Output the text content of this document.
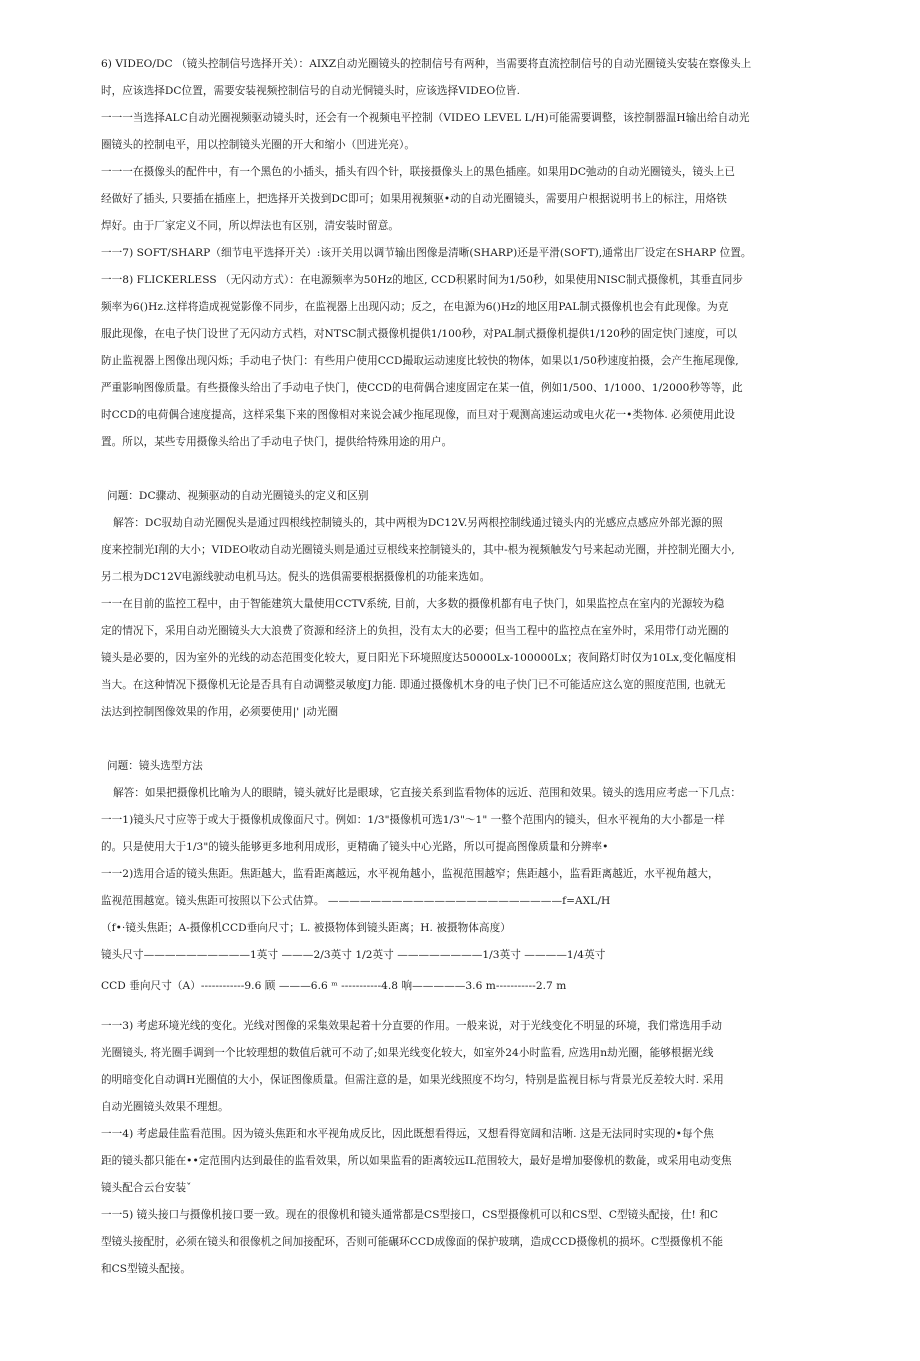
6) VIDEO/DC （镜头控制信号选择开关）：AIXZ自动光圈镜头的控制信号有两种，当需要将直流控制信号的自动光圈镜头安装在察像头上
时，应该选择DC位置，需要安装视频控制信号的自动光恫镜头时，应该选择VIDEO位皆.
一一一当选择ALC自动光圈视频驱动镜头时，还会有一个视频电平控制（VIDEO LEVEL L/H)可能需要调整，该控制器温H输出给自动光
圈镜头的控制电平，用以控制镜头光圈的开大和缩小（凹进光亮）。
一一一在摄像头的配件中，有一个黑色的小插头，插头有四个针，联接摄像头上的黑色插座。如果用DC弛动的自动光圈镜头，镜头上已
经做好了插头, 只要插在插座上，把选择开关拨到DC即可；如果用视频驱•动的自动光圈镜头，需要用户根据说明书上的标注，用烙铁
焊好。由于厂家定义不同，所以焊法也有区别，清安装时留意。
一一7) SOFT/SHARP（细节电平选择开关）:该开关用以调节输出图像是清晰(SHARP)还是平滑(SOFT),通常出厂设定在SHARP 位置。
一一8) FLICKERLESS （无闪动方式）：在电源频率为50Hz的地区, CCD积累时间为1/50秒，如果使用NISC制式摄像机，其垂直同步
频率为6()Hz.这样将造成视觉影像不同步，在监视器上出现闪动；反之，在电源为6()Hz的地区用PAL制式摄像机也会有此现像。为克
服此现像，在电子快门设世了无闪动方式档，对NTSC制式摄像机提供1/100秒，对PAL制式摄像机提供1/120秒的固定快门速度，可以
防止监视器上图像出现闪烁；手动电子快门：有些用户使用CCD撮取运动速度比较快的物体，如果以1/50秒速度拍摄，会产生拖尾现像,
严重影响图像质量。有些摄像头给出了手动电子快门，使CCD的电荷偶合速度固定在某一值，例如1/500、1/1000、1/2000秒等等，此
时CCD的电荷偶合速度提高，这样采集下来的图像相对来说会减少拖尾现像，而旦对于观测高速运动或电火花一•类物体. 必须使用此设
置。所以，某些专用摄像头给出了手动电子快门，提供给特殊用途的用户。
问题：DC骤动、视频驱动的自动光圈镜头的定义和区别
解答：DC驭劫自动光圈倪头是通过四根线控制镜头的，其中两根为DC12V.另两根控制线通过镜头内的光感应点感应外部光源的照
度来控制光I削的大小；VIDEO收动自动光圈镜头则是通过豆根线来控制镜头的，其中-根为视频触发勺号来起动光圈，并控制光圈大小,
另二根为DC12V电源线驶动电机马达。倪头的选俱需要根据摄像机的功能来选如。
一一在目前的监控工程中，由于智能建筑大量使用CCTV系统, 目前，大多数的摄像机都有电子快门，如果监控点在室内的光源较为稳
定的情况下，采用自动光圈镜头大大浪费了资源和经济上的负担，没有太大的必要；但当工程中的监控点在室外时，采用带仃动光圈的
镜头是必要的，因为室外的光线的动态范围变化较大，夏日阳光下环境照度达50000Lx-100000Lx；夜间路灯时仅为10Lx,变化幅度相
当大。在这种情况下摄像机无论是否具有自动调整灵敏度J力能. 即通过摄像机木身的电子快门已不可能适应这么宽的照度范围, 也就无
法达到控制图像效果的作用，必须要使用|' |动光圈
问题：镜头选型方法
解答：如果把摄像机比喻为人的眼睛，镜头就好比是眼球，它直接关系到监看物体的远近、范围和效果。镜头的选用应考虑一下几点：
一一1)镜头尺寸应等于或大于摄像机成像面尺寸。例如：1/3"摄像机可选1/3"〜1" 一整个范围内的镜头，但水平视角的大小都是一样
的。只是使用大于1/3"的镜头能够更多地利用成形，更精确了镜头中心光路，所以可提高图像质量和分辨率•
一一2)选用合适的镜头焦距。焦距越大，监看距离越远，水平视角越小，监视范围越窄；焦距越小，监看距离越近，水平视角越大，
监视范围越宽。镜头焦距可按照以下公式估算。 ——————————————————————f=AXL/H
（f•·镜头焦距；A-摄像机CCD垂向尺寸；L. 被摄物体到镜头距离；H. 被摄物体高度）
镜头尺寸——————————1英寸 ———2/3英寸 1/2英寸 ————————1/3英寸 ————1/4英寸
CCD 垂向尺寸（A）------------9.6 顾 ———6.6 ᵐ -----------4.8 响—————3.6 m-----------2.7 m
一一3) 考虑环境光线的变化。光线对图像的采集效果起着十分直要的作用。一般来说，对于光线变化不明显的环境，我们常选用手动
光圈镜头, 将光圈手调到一个比较理想的数值后就可不动了;如果光线变化较大，如室外24小时监看, 应选用n劫光圈，能够根据光线
的明暗变化自动调H光圈值的大小，保证图像质量。但需注意的是，如果光线照度不均匀，特别是监视目标与背景光反差较大时. 采用
自动光圈镜头效果不理想。
一一4) 考虑最佳监看范围。因为镜头焦距和水平视角成反比，因此既想看得远，又想看得宽阔和洁晰. 这是无法同时实现的•每个焦
距的镜头都只能在••定范围内达到最佳的监看效果，所以如果监看的距离较远IL范围较大，最好是增加娶像机的数彘，或采用电动变焦
镜头配合云台安装ˇ
一一5) 镜头接口与摄像机接口要一致。现在的很像机和镜头通常都是CS型接口，CS型摄像机可以和CS型、C型镜头配接，仕! 和C
型镜头接配肘，必须在镜头和很像机之间加接配环，否则可能碾环CCD成像面的保护玻璃，造成CCD摄像机的损坏。C型摄像机不能
和CS型镜头配接。
